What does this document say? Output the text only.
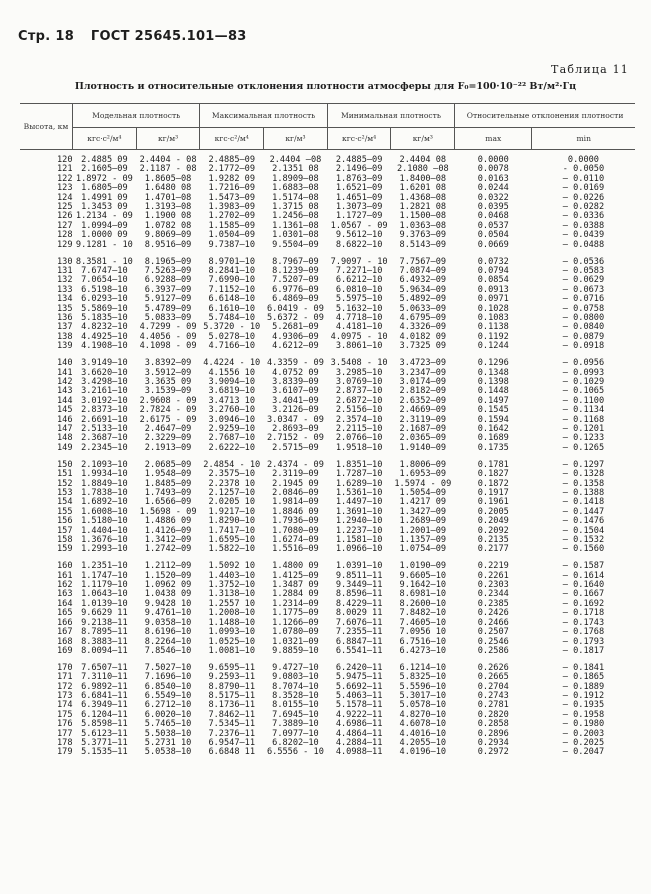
Стр. 18 ГОСТ 25645.101—83
Таблица 11
Плотность и относительные отклонения плотности атмосферы для F₀=100·10⁻²² Вт/м²·Гц
Высота, км	Модельная плотность		Максимальная плотность		Минимальная плотность		Относительные отклонения плотности	
	кгс·с²/м⁴	кг/м³	кгс·с²/м⁴	кг/м³	кгс·с²/м⁴	кг/м³	max	min
120	2.4885 09	2.4404 - 08	2.4885—09	2.4404 —08	2.4885—09	2.4404 08	0.0000	0.0000
121	2.1605—09	2.1187 - 08	2.1772—09	2.1351 08	2.1496—09	2.1080 —08	0.0078	- 0.0050
122	1.8972 - 09	1.8605—08	1.9282 09	1.8909—08	1.8763—09	1.8400—08	0.0163	— 0.0110
123	1.6805—09	1.6480 08	1.7216—09	1.6883—08	1.6521—09	1.6201 08	0.0244	— 0.0169
124	1.4991 09	1.4701—08	1.5473—09	1.5174—08	1.4651—09	1.4368—08	0.0322	— 0.0226
125	1.3453 09	1.3193—08	1.3983—09	1.3715 08	1.3073—09	1.2821 08	0.0395	— 0.0282
126	1.2134 - 09	1.1900 08	1.2702—09	1.2456—08	1.1727—09	1.1500—08	0.0468	— 0.0336
127	1.0994—09	1.0782 08	1.1585—09	1.1361—08	1.0567 - 09	1.0363—08	0.0537	— 0.0388
128	1.0000 09	9.8069—09	1.0504—09	1.0301—08	9.5612—10	9.3763—09	0.0504	— 0.0439
129	9.1281 - 10	8.9516—09	9.7387—10	9.5504—09	8.6822—10	8.5143—09	0.0669	— 0.0488

130	8.3581 - 10	8.1965—09	8.9701—10	8.7967—09	7.9097 - 10	7.7567—09	0.0732	— 0.0536
131	7.6747—10	7.5263—09	8.2841—10	8.1239—09	7.2271—10	7.0874—09	0.0794	— 0.0583
132	7.0654—10	6.9288—09	7.6990—10	7.5207—09	6.6212—10	6.4932—09	0.0854	— 0.0629
133	6.5198—10	6.3937—09	7.1152—10	6.9776—09	6.0810—10	5.9634—09	0.0913	— 0.0673
134	6.0293—10	5.9127—09	6.6148—10	6.4869—09	5.5975—10	5.4892—09	0.0971	— 0.0716
135	5.5869—10	5.4789—09	6.1610—10	6.0419 - 09	5.1632—10	5.0633—09	0.1028	— 0.0758
136	5.1835—10	5.0833—09	5.7484—10	5.6372 - 09	4.7718—10	4.6795—09	0.1083	— 0.0800
137	4.8232—10	4.7299 - 09	5.3720 - 10	5.2681—09	4.4181—10	4.3326—09	0.1138	— 0.0840
138	4.4925—10	4.4056 - 09	5.0278—10	4.9306—09	4.0975 - 10	4.0182 09	0.1192	— 0.0879
139	4.1908—10	4.1098 - 09	4.7166—10	4.6212—09	3.8061—10	3.7325 09	0.1244	— 0.0918

140	3.9149—10	3.8392—09	4.4224 - 10	4.3359 - 09	3.5408 - 10	3.4723—09	0.1296	— 0.0956
141	3.6620—10	3.5912—09	4.1556 10	4.0752 09	3.2985—10	3.2347—09	0.1348	— 0.0993
142	3.4298—10	3.3635 09	3.9094—10	3.8339—09	3.0769—10	3.0174—09	0.1398	— 0.1029
143	3.2161—10	3.1539—09	3.6819—10	3.6107—09	2.8737—10	2.8182—09	0.1448	— 0.1065
144	3.0192—10	2.9608 - 09	3.4713 10	3.4041—09	2.6872—10	2.6352—09	0.1497	— 0.1100
145	2.8373—10	2.7824 - 09	3.2760—10	3.2126—09	2.5156—10	2.4669—09	0.1545	— 0.1134
146	2.6691—10	2.6175 - 09	3.0946—10	3.0347 - 09	2.3574—10	2.3119—09	0.1594	— 0.1168
147	2.5133—10	2.4647—09	2.9259—10	2.8693—09	2.2115—10	2.1687—09	0.1642	— 0.1201
148	2.3687—10	2.3229—09	2.7687—10	2.7152 - 09	2.0766—10	2.0365—09	0.1689	— 0.1233
149	2.2345—10	2.1913—09	2.6222—10	2.5715—09	1.9518—10	1.9140—09	0.1735	— 0.1265

150	2.1093—10	2.0685—09	2.4854 - 10	2.4374 - 09	1.8351—10	1.8006—09	0.1781	— 0.1297
151	1.9934—10	1.9548—09	2.3575—10	2.3119—09	1.7287—10	1.6953—09	0.1827	— 0.1328
152	1.8849—10	1.8485—09	2.2378 10	2.1945 09	1.6289—10	1.5974 - 09	0.1872	— 0.1358
153	1.7838—10	1.7493—09	2.1257—10	2.0846—09	1.5361—10	1.5054—09	0.1917	— 0.1388
154	1.6892—10	1.6566—09	2.0205 10	1.9814—09	1.4497—10	1.4217 09	0.1961	— 0.1418
155	1.6008—10	1.5698 - 09	1.9217—10	1.8846 09	1.3691—10	1.3427—09	0.2005	— 0.1447
156	1.5180—10	1.4886 09	1.8290—10	1.7936—09	1.2940—10	1.2689—09	0.2049	— 0.1476
157	1.4404—10	1.4126—09	1.7417—10	1.7080—09	1.2237—10	1.2001—09	0.2092	— 0.1504
158	1.3676—10	1.3412—09	1.6595—10	1.6274—09	1.1581—10	1.1357—09	0.2135	— 0.1532
159	1.2993—10	1.2742—09	1.5822—10	1.5516—09	1.0966—10	1.0754—09	0.2177	— 0.1560

160	1.2351—10	1.2112—09	1.5092 10	1.4800 09	1.0391—10	1.0190—09	0.2219	— 0.1587
161	1.1747—10	1.1520—09	1.4403—10	1.4125—09	9.8511—11	9.6605—10	0.2261	— 0.1614
162	1.1179—10	1.0962 09	1.3752—10	1.3487 09	9.3449—11	9.1642—10	0.2303	— 0.1640
163	1.0643—10	1.0438 09	1.3138—10	1.2884 09	8.8596—11	8.6981—10	0.2344	— 0.1667
164	1.0139—10	9.9428 10	1.2557 10	1.2314—09	8.4229—11	8.2600—10	0.2385	— 0.1692
165	9.6629 11	9.4761—10	1.2008—10	1.1775—09	8.0029 11	7.8482—10	0.2426	— 0.1718
166	9.2138—11	9.0358—10	1.1488—10	1.1266—09	7.6076—11	7.4605—10	0.2466	— 0.1743
167	8.7895—11	8.6196—10	1.0993—10	1.0780—09	7.2355—11	7.0956 10	0.2507	— 0.1768
168	8.3883—11	8.2264—10	1.0525—10	1.0321—09	6.8847—11	6.7516—10	0.2546	— 0.1793
169	8.0094—11	7.8546—10	1.0081—10	9.8859—10	6.5541—11	6.4273—10	0.2586	— 0.1817

170	7.6507—11	7.5027—10	9.6595—11	9.4727—10	6.2420—11	6.1214—10	0.2626	— 0.1841
171	7.3110—11	7.1696—10	9.2593—11	9.0803—10	5.9475—11	5.8325—10	0.2665	— 0.1865
172	6.9892—11	6.8540—10	8.8790—11	8.7074—10	5.6692—11	5.5596—10	0.2704	— 0.1889
173	6.6841—11	6.5549—10	8.5175—11	8.3528—10	5.4063—11	5.3017—10	0.2743	— 0.1912
174	6.3949—11	6.2712—10	8.1736—11	8.0155—10	5.1578—11	5.0578—10	0.2781	— 0.1935
175	6.1204—11	6.0020—10	7.8462—11	7.6945—10	4.9222—11	4.8270—10	0.2820	— 0.1958
176	5.8598—11	5.7465—10	7.5345—11	7.3889—10	4.6986—11	4.6078—10	0.2858	— 0.1980
177	5.6123—11	5.5038—10	7.2376—11	7.0977—10	4.4864—11	4.4016—10	0.2896	— 0.2003
178	5.3771—11	5.2731 10	6.9547—11	6.8202—10	4.2884—11	4.2055—10	0.2934	— 0.2025
179	5.1535—11	5.0538—10	6.6848 11	6.5556 - 10	4.0988—11	4.0196—10	0.2972	— 0.2047
